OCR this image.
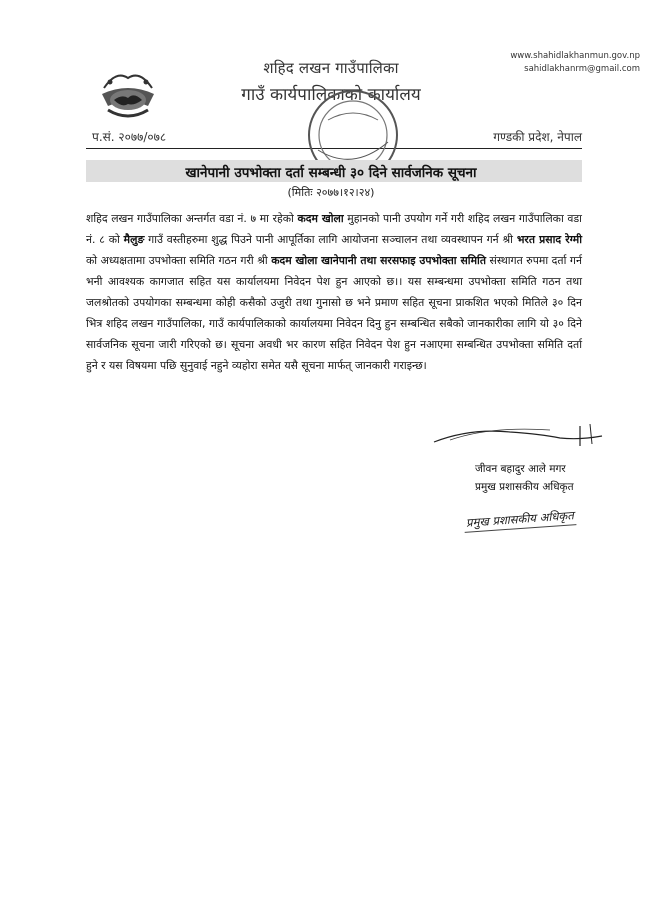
www.shahidlakhanmun.gov.np
sahidlakhanrm@gmail.com
शहिद लखन गाउँपालिका
गाउँ कार्यपालिकाको कार्यालय
प.सं. २०७७/०७८	गण्डकी प्रदेश, नेपाल
खानेपानी उपभोक्ता दर्ता सम्बन्धी ३० दिने सार्वजनिक सूचना
(मितिः २०७७।१२।२४)
शहिद लखन गाउँपालिका अन्तर्गत वडा नं. ७ मा रहेको कदम खोला मुहानको पानी उपयोग गर्ने गरी शहिद लखन गाउँपालिका वडा नं. ८ को मैलुङ गाउँ वस्तीहरुमा शुद्ध पिउने पानी आपूर्तिका लागि आयोजना सञ्चालन तथा व्यवस्थापन गर्न श्री भरत प्रसाद रेग्मी को अध्यक्षतामा उपभोक्ता समिति गठन गरी श्री कदम खोला खानेपानी तथा सरसफाइ उपभोक्ता समिति संस्थागत रुपमा दर्ता गर्न भनी आवश्यक कागजात सहित यस कार्यालयमा निवेदन पेश हुन आएको छ।। यस सम्बन्धमा उपभोक्ता समिति गठन तथा जलश्रोतको उपयोगका सम्बन्धमा कोही कसैको उजुरी तथा गुनासो छ भने प्रमाण सहित सूचना प्राकशित भएको मितिले ३० दिन भित्र शहिद लखन गाउँपालिका, गाउँ कार्यपालिकाको कार्यालयमा निवेदन दिनु हुन सम्बन्धित सबैको जानकारीका लागि यो ३० दिने सार्वजनिक सूचना जारी गरिएको छ। सूचना अवधी भर कारण सहित निवेदन पेश हुन नआएमा सम्बन्धित उपभोक्ता समिति दर्ता हुने र यस विषयमा पछि सुनुवाई नहुने व्यहोरा समेत यसै सूचना मार्फत् जानकारी गराइन्छ।
जीवन बहादुर आले मगर
प्रमुख प्रशासकीय अधिकृत
प्रमुख प्रशासकीय अधिकृत
